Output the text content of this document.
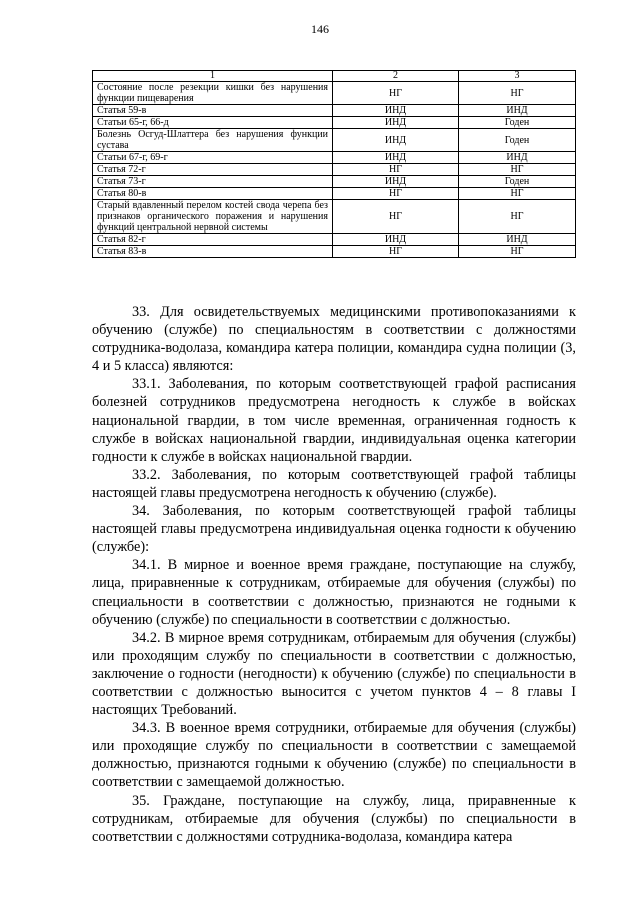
146
1	2	3
Состояние после резекции кишки без нарушения функции пищеварения	НГ	НГ
Статья 59-в	ИНД	ИНД
Статьи 65-г, 66-д	ИНД	Годен
Болезнь Осгуд-Шлаттера без нарушения функции сустава	ИНД	Годен
Статьи 67-г, 69-г	ИНД	ИНД
Статья 72-г	НГ	НГ
Статья 73-г	ИНД	Годен
Статья 80-в	НГ	НГ
Старый вдавленный перелом костей свода черепа без признаков органического поражения и нарушения функций центральной нервной системы	НГ	НГ
Статья 82-г	ИНД	ИНД
Статья 83-в	НГ	НГ

33. Для освидетельствуемых медицинскими противопоказаниями к обучению (службе) по специальностям в соответствии с должностями сотрудника-водолаза, командира катера полиции, командира судна полиции (3, 4 и 5 класса) являются:

33.1. Заболевания, по которым соответствующей графой расписания болезней сотрудников предусмотрена негодность к службе в войсках национальной гвардии, в том числе временная, ограниченная годность к службе в войсках национальной гвардии, индивидуальная оценка категории годности к службе в войсках национальной гвардии.

33.2. Заболевания, по которым соответствующей графой таблицы настоящей главы предусмотрена негодность к обучению (службе).

34. Заболевания, по которым соответствующей графой таблицы настоящей главы предусмотрена индивидуальная оценка годности к обучению (службе):

34.1. В мирное и военное время граждане, поступающие на службу, лица, приравненные к сотрудникам, отбираемые для обучения (службы) по специальности в соответствии с должностью, признаются не годными к обучению (службе) по специальности в соответствии с должностью.

34.2. В мирное время сотрудникам, отбираемым для обучения (службы) или проходящим службу по специальности в соответствии с должностью, заключение о годности (негодности) к обучению (службе) по специальности в соответствии с должностью выносится с учетом пунктов 4 – 8 главы I настоящих Требований.

34.3. В военное время сотрудники, отбираемые для обучения (службы) или проходящие службу по специальности в соответствии с замещаемой должностью, признаются годными к обучению (службе) по специальности в соответствии с замещаемой должностью.

35. Граждане, поступающие на службу, лица, приравненные к сотрудникам, отбираемые для обучения (службы) по специальности в соответствии с должностями сотрудника-водолаза, командира катера
